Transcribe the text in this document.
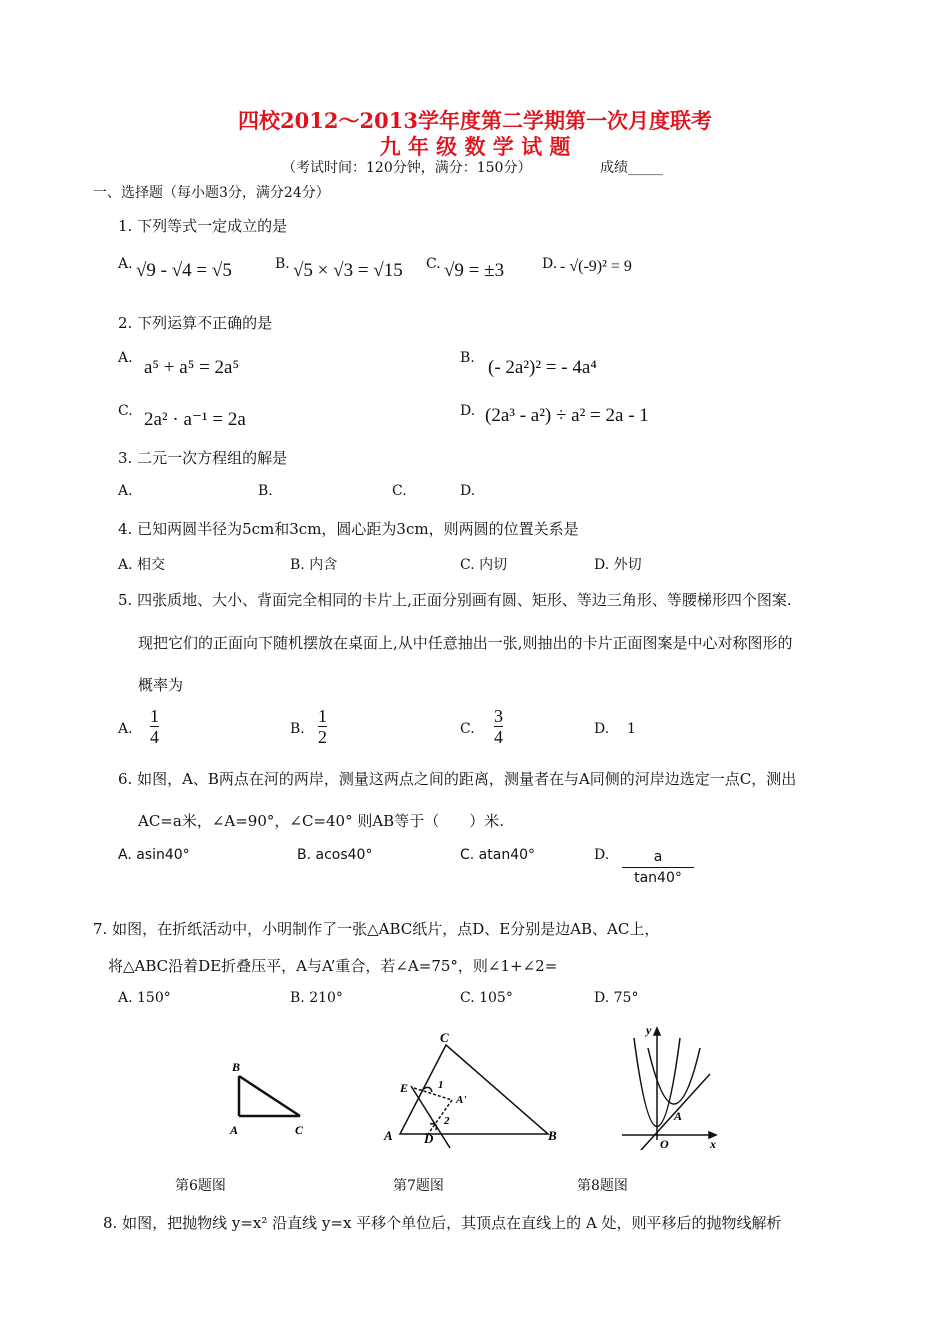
四校2012～2013学年度第二学期第一次月度联考
九 年 级 数 学 试 题
（考试时间：120分钟，满分：150分）	成绩_____
一、选择题（每小题3分，满分24分）
1. 下列等式一定成立的是
A. √9 - √4 = √5	B. √5 × √3 = √15 C. √9 = ±3	D. - √(-9)² = 9
2. 下列运算不正确的是
A. a⁵ + a⁵ = 2a⁵	B. (- 2a²)² = - 4a⁴
C. 2a² · a⁻¹ = 2a	D. (2a³ - a²) ÷ a² = 2a - 1
3. 二元一次方程组的解是
A.	B.	C.	D.
4. 已知两圆半径为5cm和3cm，圆心距为3cm，则两圆的位置关系是
A. 相交	B. 内含	C. 内切	D. 外切
5. 四张质地、大小、背面完全相同的卡片上,正面分别画有圆、矩形、等边三角形、等腰梯形四个图案.
现把它们的正面向下随机摆放在桌面上,从中任意抽出一张,则抽出的卡片正面图案是中心对称图形的
概率为
A. $\frac{1}{4}$	B. $\frac{1}{2}$	C. $\frac{3}{4}$	D. 1
6. 如图，A、B两点在河的两岸，测量这两点之间的距离，测量者在与A同侧的河岸边选定一点C，测出
AC=a米，∠A=90°，∠C=40° 则AB等于（　　）米.
A. asin40°	B. acos40°	C. atan40°	D. $\frac{a}{\tan 40^\circ}$
7. 如图，在折纸活动中，小明制作了一张△ABC纸片，点D、E分别是边AB、AC上，
将△ABC沿着DE折叠压平，A与A’重合，若∠A=75°，则∠1+∠2=
A. 150°	B. 210°	C. 105°	D. 75°
B
A	C
第6题图
C
E	1
A'
2
A D	B
第7题图
y
A
O	x
第8题图
8. 如图，把抛物线 y=x² 沿直线 y=x 平移个单位后，其顶点在直线上的 A 处，则平移后的抛物线解析
